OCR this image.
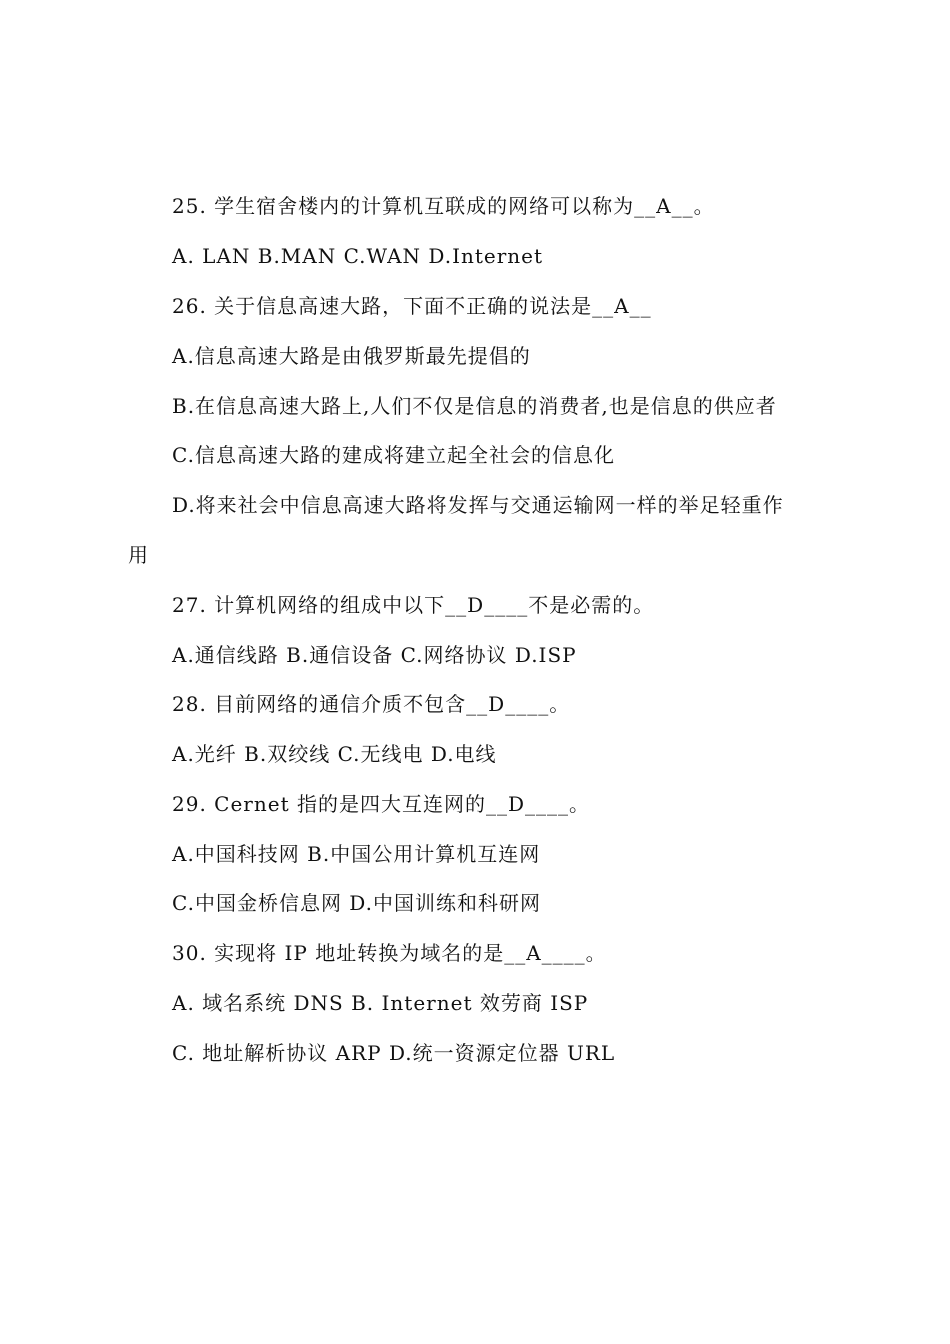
25. 学生宿舍楼内的计算机互联成的网络可以称为__A__。
A. LAN B.MAN C.WAN D.Internet
26. 关于信息高速大路，下面不正确的说法是__A__
A.信息高速大路是由俄罗斯最先提倡的
B.在信息高速大路上,人们不仅是信息的消费者,也是信息的供应者
C.信息高速大路的建成将建立起全社会的信息化
D.将来社会中信息高速大路将发挥与交通运输网一样的举足轻重作
用
27. 计算机网络的组成中以下__D____不是必需的。
A.通信线路 B.通信设备 C.网络协议 D.ISP
28. 目前网络的通信介质不包含__D____。
A.光纤 B.双绞线 C.无线电 D.电线
29. Cernet 指的是四大互连网的__D____。
A.中国科技网 B.中国公用计算机互连网
C.中国金桥信息网 D.中国训练和科研网
30. 实现将 IP 地址转换为域名的是__A____。
A. 域名系统 DNS B. Internet 效劳商 ISP
C. 地址解析协议 ARP D.统一资源定位器 URL
